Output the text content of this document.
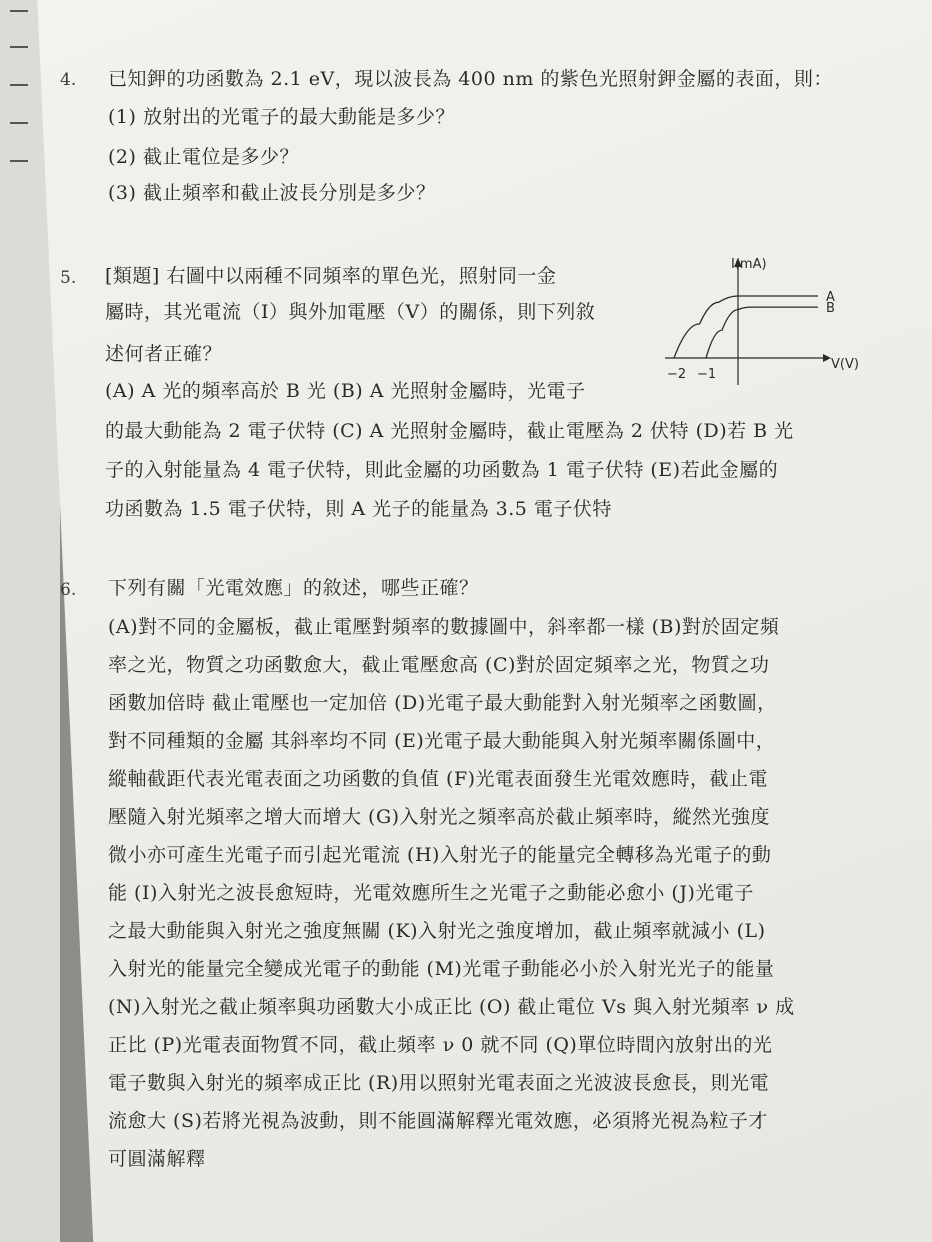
4. 已知鉀的功函數為 2.1 eV，現以波長為 400 nm 的紫色光照射鉀金屬的表面，則：
(1) 放射出的光電子的最大動能是多少？
(2) 截止電位是多少？
(3) 截止頻率和截止波長分別是多少？
5. [類題] 右圖中以兩種不同頻率的單色光，照射同一金
屬時，其光電流（I）與外加電壓（V）的關係，則下列敘
述何者正確？
(A) A 光的頻率高於 B 光 (B) A 光照射金屬時，光電子
的最大動能為 2 電子伏特 (C) A 光照射金屬時，截止電壓為 2 伏特 (D)若 B 光
子的入射能量為 4 電子伏特，則此金屬的功函數為 1 電子伏特 (E)若此金屬的
功函數為 1.5 電子伏特，則 A 光子的能量為 3.5 電子伏特
I(mA)
V(V)
−2 −1
A
B
6. 下列有關「光電效應」的敘述，哪些正確？
(A)對不同的金屬板，截止電壓對頻率的數據圖中，斜率都一樣 (B)對於固定頻
率之光，物質之功函數愈大，截止電壓愈高 (C)對於固定頻率之光，物質之功
函數加倍時 截止電壓也一定加倍 (D)光電子最大動能對入射光頻率之函數圖，
對不同種類的金屬 其斜率均不同 (E)光電子最大動能與入射光頻率關係圖中，
縱軸截距代表光電表面之功函數的負值 (F)光電表面發生光電效應時，截止電
壓隨入射光頻率之增大而增大 (G)入射光之頻率高於截止頻率時，縱然光強度
微小亦可產生光電子而引起光電流 (H)入射光子的能量完全轉移為光電子的動
能 (I)入射光之波長愈短時，光電效應所生之光電子之動能必愈小 (J)光電子
之最大動能與入射光之強度無關 (K)入射光之強度增加，截止頻率就減小 (L)
入射光的能量完全變成光電子的動能 (M)光電子動能必小於入射光光子的能量
(N)入射光之截止頻率與功函數大小成正比 (O) 截止電位 Vs 與入射光頻率 ν 成
正比 (P)光電表面物質不同，截止頻率 ν 0 就不同 (Q)單位時間內放射出的光
電子數與入射光的頻率成正比 (R)用以照射光電表面之光波波長愈長，則光電
流愈大 (S)若將光視為波動，則不能圓滿解釋光電效應，必須將光視為粒子才
可圓滿解釋
